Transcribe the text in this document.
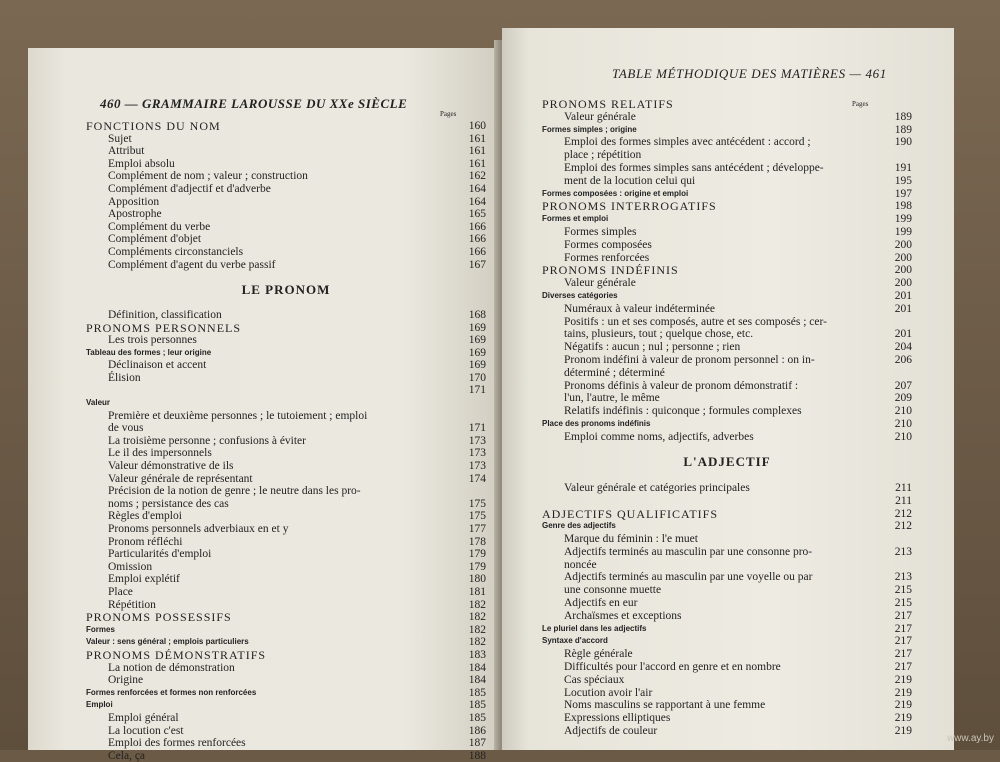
460 — GRAMMAIRE LAROUSSE DU XXe SIÈCLE
Pages
FONCTIONS DU NOM	160
Sujet	161
Attribut	161
Emploi absolu	161
Complément de nom ; valeur ; construction	162
Complément d'adjectif et d'adverbe	164
Apposition	164
Apostrophe	165
Complément du verbe	166
Complément d'objet	166
Compléments circonstanciels	166
Complément d'agent du verbe passif	167
LE PRONOM
Définition, classification	168
PRONOMS PERSONNELS	169
Les trois personnes	169
Tableau des formes ; leur origine	169
Déclinaison et accent	169
Élision	170
171
Valeur
Première et deuxième personnes ; le tutoiement ; emploi
de vous	171
La troisième personne ; confusions à éviter	173
Le il des impersonnels	173
Valeur démonstrative de ils	173
Valeur générale de représentant	174
Précision de la notion de genre ; le neutre dans les pro-
noms ; persistance des cas	175
Règles d'emploi	175
Pronoms personnels adverbiaux en et y	177
Pronom réfléchi	178
Particularités d'emploi	179
Omission	179
Emploi explétif	180
Place	181
Répétition	182
PRONOMS POSSESSIFS	182
Formes	182
Valeur : sens général ; emplois particuliers	182
PRONOMS DÉMONSTRATIFS	183
La notion de démonstration	184
Origine	184
Formes renforcées et formes non renforcées	185
Emploi	185
Emploi général	185
La locution c'est	186
Emploi des formes renforcées	187
Cela, ça	188
TABLE MÉTHODIQUE DES MATIÈRES — 461
Pages
PRONOMS RELATIFS
Valeur générale	189
Formes simples ; origine	189
Emploi des formes simples avec antécédent : accord ;	190
place ; répétition
Emploi des formes simples sans antécédent ; développe-	191
ment de la locution celui qui	195
Formes composées : origine et emploi	197
PRONOMS INTERROGATIFS	198
Formes et emploi	199
Formes simples	199
Formes composées	200
Formes renforcées	200
PRONOMS INDÉFINIS	200
Valeur générale	200
Diverses catégories	201
Numéraux à valeur indéterminée	201
Positifs : un et ses composés, autre et ses composés ; cer-
tains, plusieurs, tout ; quelque chose, etc.	201
Négatifs : aucun ; nul ; personne ; rien	204
Pronom indéfini à valeur de pronom personnel : on in-	206
déterminé ; déterminé
Pronoms définis à valeur de pronom démonstratif :	207
l'un, l'autre, le même	209
Relatifs indéfinis : quiconque ; formules complexes	210
Place des pronoms indéfinis	210
Emploi comme noms, adjectifs, adverbes	210
L'ADJECTIF
Valeur générale et catégories principales	211
211
ADJECTIFS QUALIFICATIFS	212
Genre des adjectifs	212
Marque du féminin : l'e muet
Adjectifs terminés au masculin par une consonne pro-	213
noncée
Adjectifs terminés au masculin par une voyelle ou par	213
une consonne muette	215
Adjectifs en eur	215
Archaïsmes et exceptions	217
Le pluriel dans les adjectifs	217
Syntaxe d'accord	217
Règle générale	217
Difficultés pour l'accord en genre et en nombre	217
Cas spéciaux	219
Locution avoir l'air	219
Noms masculins se rapportant à une femme	219
Expressions elliptiques	219
Adjectifs de couleur	219
www.ay.by
